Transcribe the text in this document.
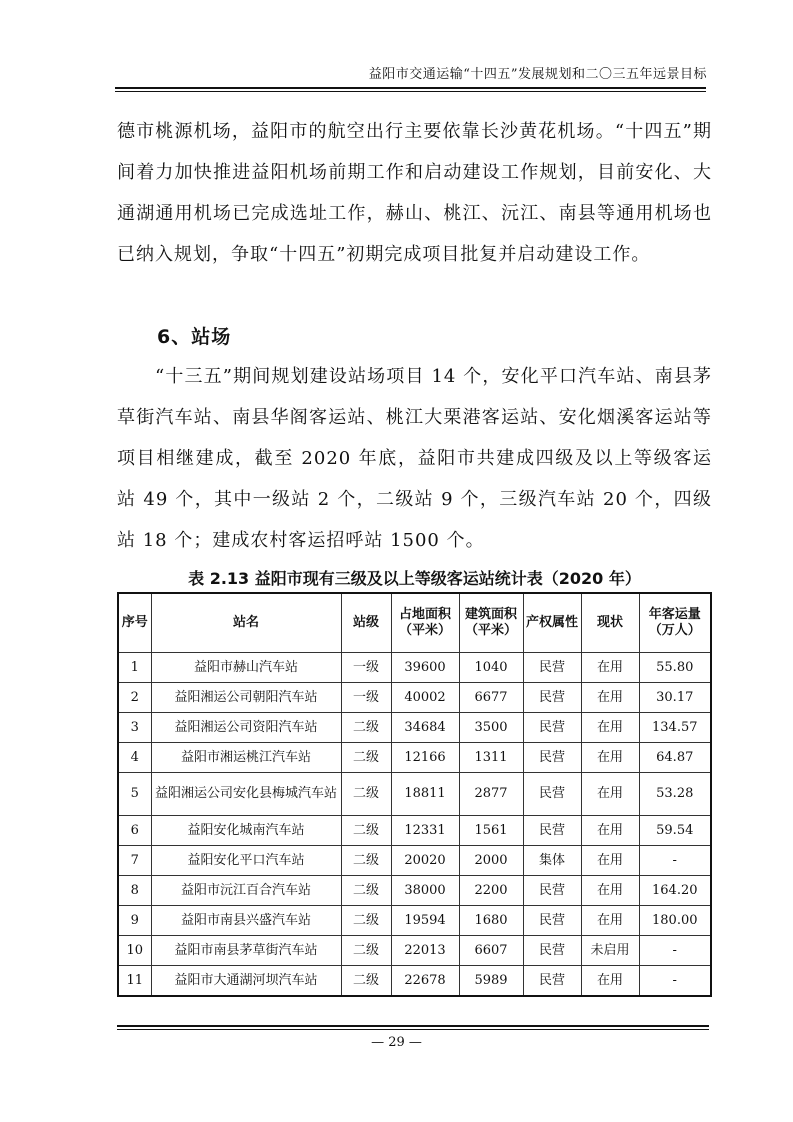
益阳市交通运输“十四五”发展规划和二〇三五年远景目标
德市桃源机场，益阳市的航空出行主要依靠长沙黄花机场。“十四五”期间着力加快推进益阳机场前期工作和启动建设工作规划，目前安化、大通湖通用机场已完成选址工作，赫山、桃江、沅江、南县等通用机场也已纳入规划，争取“十四五”初期完成项目批复并启动建设工作。
6、站场
“十三五”期间规划建设站场项目 14 个，安化平口汽车站、南县茅草街汽车站、南县华阁客运站、桃江大栗港客运站、安化烟溪客运站等项目相继建成，截至 2020 年底，益阳市共建成四级及以上等级客运站 49 个，其中一级站 2 个，二级站 9 个，三级汽车站 20 个，四级站 18 个；建成农村客运招呼站 1500 个。
表 2.13 益阳市现有三级及以上等级客运站统计表（2020 年）
序号	站名	站级	占地面积（平米）	建筑面积（平米）	产权属性	现状	年客运量（万人）
1	益阳市赫山汽车站	一级	39600	1040	民营	在用	55.80
2	益阳湘运公司朝阳汽车站	一级	40002	6677	民营	在用	30.17
3	益阳湘运公司资阳汽车站	二级	34684	3500	民营	在用	134.57
4	益阳市湘运桃江汽车站	二级	12166	1311	民营	在用	64.87
5	益阳湘运公司安化县梅城汽车站	二级	18811	2877	民营	在用	53.28
6	益阳安化城南汽车站	二级	12331	1561	民营	在用	59.54
7	益阳安化平口汽车站	二级	20020	2000	集体	在用	-
8	益阳市沅江百合汽车站	二级	38000	2200	民营	在用	164.20
9	益阳市南县兴盛汽车站	二级	19594	1680	民营	在用	180.00
10	益阳市南县茅草街汽车站	二级	22013	6607	民营	未启用	-
11	益阳市大通湖河坝汽车站	二级	22678	5989	民营	在用	-
— 29 —
